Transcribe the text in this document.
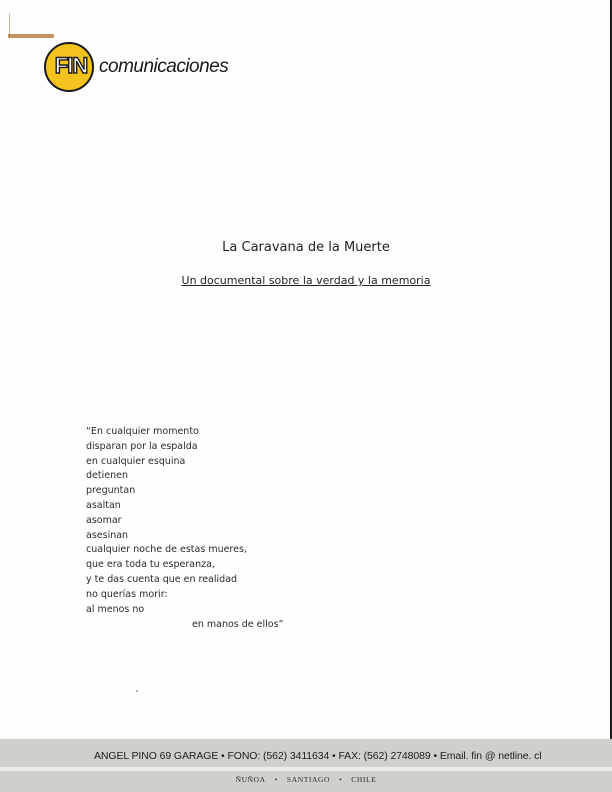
FIN comunicaciones
La Caravana de la Muerte
Un documental sobre la verdad y la memoria
“En cualquier momento
disparan por la espalda
en cualquier esquina
detienen
preguntan
asaltan
asomar
asesinan
cualquier noche de estas mueres,
que era toda tu esperanza,
y te das cuenta que en realidad
no querías morir:
al menos no
en manos de ellos”
ANGEL PINO 69 GARAGE • FONO: (562) 3411634 • FAX: (562) 2748089 • Email. fin @ netline. cl
ÑUÑOA • SANTIAGO • CHILE
